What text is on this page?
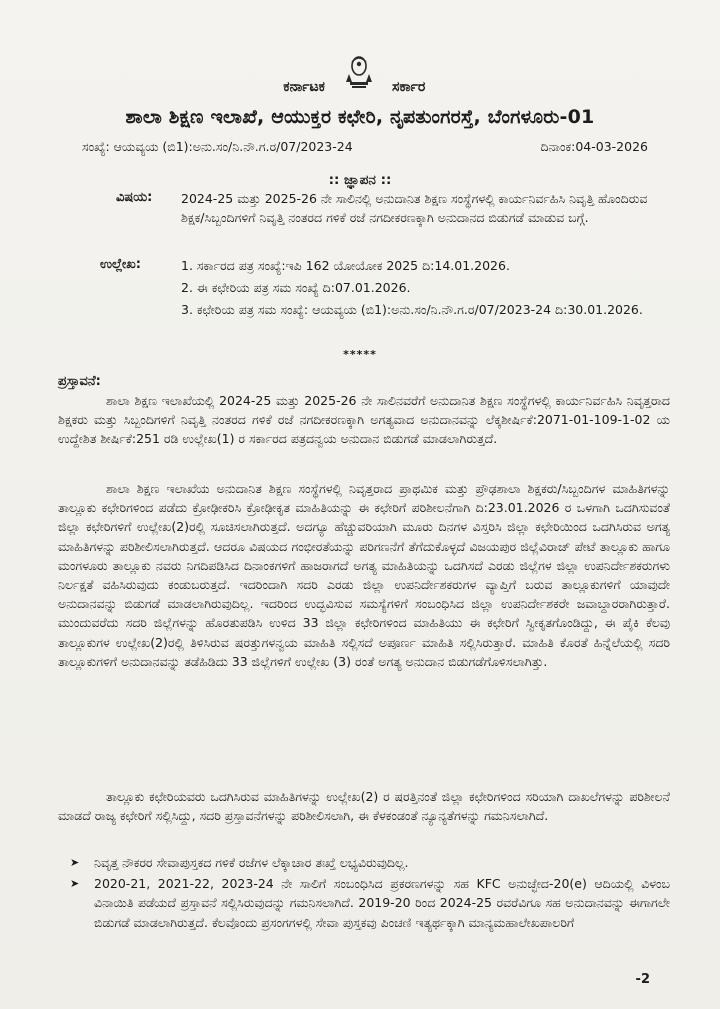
ಕರ್ನಾಟಕ	ಸರ್ಕಾರ
ಶಾಲಾ ಶಿಕ್ಷಣ ಇಲಾಖೆ, ಆಯುಕ್ತರ ಕಛೇರಿ, ನೃಪತುಂಗರಸ್ತೆ, ಬೆಂಗಳೂರು-01
ಸಂಖ್ಯೆ: ಆಯವ್ಯಯ (ಬಿ1):ಅನು.ಸಂ/ನಿ.ನೌ.ಗ.ರ/07/2023-24	ದಿನಾಂಕ:04-03-2026
:: ಜ್ಞಾಪನ ::
ವಿಷಯ: 2024-25 ಮತ್ತು 2025-26 ನೇ ಸಾಲಿನಲ್ಲಿ ಅನುದಾನಿತ ಶಿಕ್ಷಣ ಸಂಸ್ಥೆಗಳಲ್ಲಿ ಕಾರ್ಯನಿರ್ವಹಿಸಿ ನಿವೃತ್ತಿ ಹೊಂದಿರುವ ಶಿಕ್ಷಕ/ಸಿಬ್ಬಂದಿಗಳಿಗೆ ನಿವೃತ್ತಿ ನಂತರದ ಗಳಿಕೆ ರಜೆ ನಗದೀಕರಣಕ್ಕಾಗಿ ಅನುದಾನದ ಬಿಡುಗಡೆ ಮಾಡುವ ಬಗ್ಗೆ.
ಉಲ್ಲೇಖ:	1. ಸರ್ಕಾರದ ಪತ್ರ ಸಂಖ್ಯೆ:ಇಪಿ 162 ಯೋಯೋಕ 2025 ದಿ:14.01.2026.
2. ಈ ಕಛೇರಿಯ ಪತ್ರ ಸಮ ಸಂಖ್ಯೆ ದಿ:07.01.2026.
3. ಕಛೇರಿಯ ಪತ್ರ ಸಮ ಸಂಖ್ಯೆ: ಆಯವ್ಯಯ (ಬಿ1):ಅನು.ಸಂ/ನಿ.ನೌ.ಗ.ರ/07/2023-24 ದಿ:30.01.2026.
*****
ಪ್ರಸ್ತಾವನೆ:
ಶಾಲಾ ಶಿಕ್ಷಣ ಇಲಾಖೆಯಲ್ಲಿ 2024-25 ಮತ್ತು 2025-26 ನೇ ಸಾಲಿನವರೆಗೆ ಅನುದಾನಿತ ಶಿಕ್ಷಣ ಸಂಸ್ಥೆಗಳಲ್ಲಿ ಕಾರ್ಯನಿರ್ವಹಿಸಿ ನಿವೃತ್ತರಾದ ಶಿಕ್ಷಕರು ಮತ್ತು ಸಿಬ್ಬಂದಿಗಳಿಗೆ ನಿವೃತ್ತಿ ನಂತರದ ಗಳಿಕೆ ರಜೆ ನಗದೀಕರಣಕ್ಕಾಗಿ ಅಗತ್ಯವಾದ ಅನುದಾನವನ್ನು ಲೆಕ್ಕಶೀರ್ಷಿಕೆ:2071-01-109-1-02 ಯ ಉದ್ದೇಶಿತ ಶೀರ್ಷಿಕೆ:251 ರಡಿ ಉಲ್ಲೇಖ(1) ರ ಸರ್ಕಾರದ ಪತ್ರದನ್ವಯ ಅನುದಾನ ಬಿಡುಗಡೆ ಮಾಡಲಾಗಿರುತ್ತದೆ.
ಶಾಲಾ ಶಿಕ್ಷಣ ಇಲಾಖೆಯ ಅನುದಾನಿತ ಶಿಕ್ಷಣ ಸಂಸ್ಥೆಗಳಲ್ಲಿ ನಿವೃತ್ತರಾದ ಪ್ರಾಥಮಿಕ ಮತ್ತು ಪ್ರೌಢಶಾಲಾ ಶಿಕ್ಷಕರು/ಸಿಬ್ಬಂದಿಗಳ ಮಾಹಿತಿಗಳನ್ನು ತಾಲ್ಲೂಕು ಕಛೇರಿಗಳಿಂದ ಪಡೆದು ಕ್ರೋಢೀಕರಿಸಿ ಕ್ರೋಢೀಕೃತ ಮಾಹಿತಿಯನ್ನು ಈ ಕಛೇರಿಗೆ ಪರಿಶೀಲನೆಗಾಗಿ ದಿ:23.01.2026 ರ ಒಳಗಾಗಿ ಒದಗಿಸುವಂತೆ ಜಿಲ್ಲಾ ಕಛೇರಿಗಳಿಗೆ ಉಲ್ಲೇಖ(2)ರಲ್ಲಿ ಸೂಚಿಸಲಾಗಿರುತ್ತದೆ. ಅದಗ್ಯೂ ಹೆಚ್ಚುವರಿಯಾಗಿ ಮೂರು ದಿನಗಳ ವಿಸ್ತರಿಸಿ ಜಿಲ್ಲಾ ಕಛೇರಿಯಿಂದ ಒದಗಿಸಿರುವ ಅಗತ್ಯ ಮಾಹಿತಿಗಳನ್ನು ಪರಿಶೀಲಿಸಲಾಗಿರುತ್ತದೆ. ಆದರೂ ವಿಷಯದ ಗಂಭೀರತೆಯನ್ನು ಪರಿಗಣನೆಗೆ ತೆಗೆದುಕೊಳ್ಳದೆ ವಿಜಯಪುರ ಜಿಲ್ಲೆವಿರಾಜ್ ಪೇಟೆ ತಾಲ್ಲೂಕು ಹಾಗೂ ಮಂಗಳೂರು ತಾಲ್ಲೂಕು ನವರು ನಿಗದಿಪಡಿಸಿದ ದಿನಾಂಕಗಳಿಗೆ ಹಾಜರಾಗದೆ ಅಗತ್ಯ ಮಾಹಿತಿಯನ್ನು ಒದಗಿಸದೆ ಎರಡು ಜಿಲ್ಲೆಗಳ ಜಿಲ್ಲಾ ಉಪನಿರ್ದೇಶಕರುಗಳು ನಿರ್ಲಕ್ಷತೆ ವಹಿಸಿರುವುದು ಕಂಡುಬರುತ್ತದೆ. ಇದರಿಂದಾಗಿ ಸದರಿ ಎರಡು ಜಿಲ್ಲಾ ಉಪನಿರ್ದೇಶಕರುಗಳ ವ್ಯಾಪ್ತಿಗೆ ಬರುವ ತಾಲ್ಲೂಕುಗಳಿಗೆ ಯಾವುದೇ ಅನುದಾನವನ್ನು ಬಿಡುಗಡೆ ಮಾಡಲಾಗಿರುವುದಿಲ್ಲ. ಇದರಿಂದ ಉದ್ಭವಿಸುವ ಸಮಸ್ಯೆಗಳಿಗೆ ಸಂಬಂಧಿಸಿದ ಜಿಲ್ಲಾ ಉಪನಿರ್ದೇಶಕರೇ ಜವಾಬ್ದಾರರಾಗಿರುತ್ತಾರೆ. ಮುಂದುವರೆದು ಸದರಿ ಜಿಲ್ಲೆಗಳನ್ನು ಹೊರತುಪಡಿಸಿ ಉಳಿದ 33 ಜಿಲ್ಲಾ ಕಛೇರಿಗಳಿಂದ ಮಾಹಿತಿಯು ಈ ಕಛೇರಿಗೆ ಸ್ವೀಕೃತಗೊಂಡಿದ್ದು, ಈ ಪೈಕಿ ಕೆಲವು ತಾಲ್ಲೂಕುಗಳ ಉಲ್ಲೇಖ(2)ರಲ್ಲಿ ತಿಳಿಸಿರುವ ಷರತ್ತುಗಳನ್ವಯ ಮಾಹಿತಿ ಸಲ್ಲಿಸದೆ ಅಪೂರ್ಣ ಮಾಹಿತಿ ಸಲ್ಲಿಸಿರುತ್ತಾರೆ. ಮಾಹಿತಿ ಕೊರತೆ ಹಿನ್ನೆಲೆಯಲ್ಲಿ ಸದರಿ ತಾಲ್ಲೂಕುಗಳಿಗೆ ಅನುದಾನವನ್ನು ತಡೆಹಿಡಿದು 33 ಜಿಲ್ಲೆಗಳಿಗೆ ಉಲ್ಲೇಖ (3) ರಂತೆ ಅಗತ್ಯ ಅನುದಾನ ಬಿಡುಗಡೆಗೊಳಿಸಲಾಗಿತ್ತು.
ತಾಲ್ಲೂಕು ಕಛೇರಿಯವರು ಒದಗಿಸಿರುವ ಮಾಹಿತಿಗಳನ್ನು ಉಲ್ಲೇಖ(2) ರ ಷರತ್ತಿನಂತೆ ಜಿಲ್ಲಾ ಕಛೇರಿಗಳಿಂದ ಸರಿಯಾಗಿ ದಾಖಲೆಗಳನ್ನು ಪರಿಶೀಲನೆ ಮಾಡದೆ ರಾಜ್ಯ ಕಛೇರಿಗೆ ಸಲ್ಲಿಸಿದ್ದು, ಸದರಿ ಪ್ರಸ್ತಾವನೆಗಳನ್ನು ಪರಿಶೀಲಿಸಲಾಗಿ, ಈ ಕೆಳಕಂಡಂತೆ ನ್ಯೂನ್ಯತೆಗಳನ್ನು ಗಮನಿಸಲಾಗಿದೆ.
➤ ನಿವೃತ್ತ ನೌಕರರ ಸೇವಾಪುಸ್ತಕದ ಗಳಿಕೆ ರಜೆಗಳ ಲೆಕ್ಕಾಚಾರ ತಃಖ್ತೆ ಲಭ್ಯವಿರುವುದಿಲ್ಲ.
➤ 2020-21, 2021-22, 2023-24 ನೇ ಸಾಲಿಗೆ ಸಂಬಂಧಿಸಿದ ಪ್ರಕರಣಗಳನ್ನು ಸಹ KFC ಅನುಚ್ಛೇದ-20(e) ಆದಿಯಲ್ಲಿ ವಿಳಂಬ ವಿನಾಯಿತಿ ಪಡೆಯದೆ ಪ್ರಸ್ತಾವನೆ ಸಲ್ಲಿಸಿರುವುದನ್ನು ಗಮನಿಸಲಾಗಿದೆ. 2019-20 ರಿಂದ 2024-25 ರವರೆವಿಗೂ ಸಹ ಅನುದಾನವನ್ನು ಈಗಾಗಲೇ ಬಿಡುಗಡೆ ಮಾಡಲಾಗಿರುತ್ತದೆ. ಕೆಲವೊಂದು ಪ್ರಸಂಗಗಳಲ್ಲಿ ಸೇವಾ ಪುಸ್ತಕವು ಪಿಂಚಣಿ ಇತ್ಯರ್ಥಕ್ಕಾಗಿ ಮಾನ್ಯಮಹಾಲೇಖಪಾಲರಿಗೆ
-2
